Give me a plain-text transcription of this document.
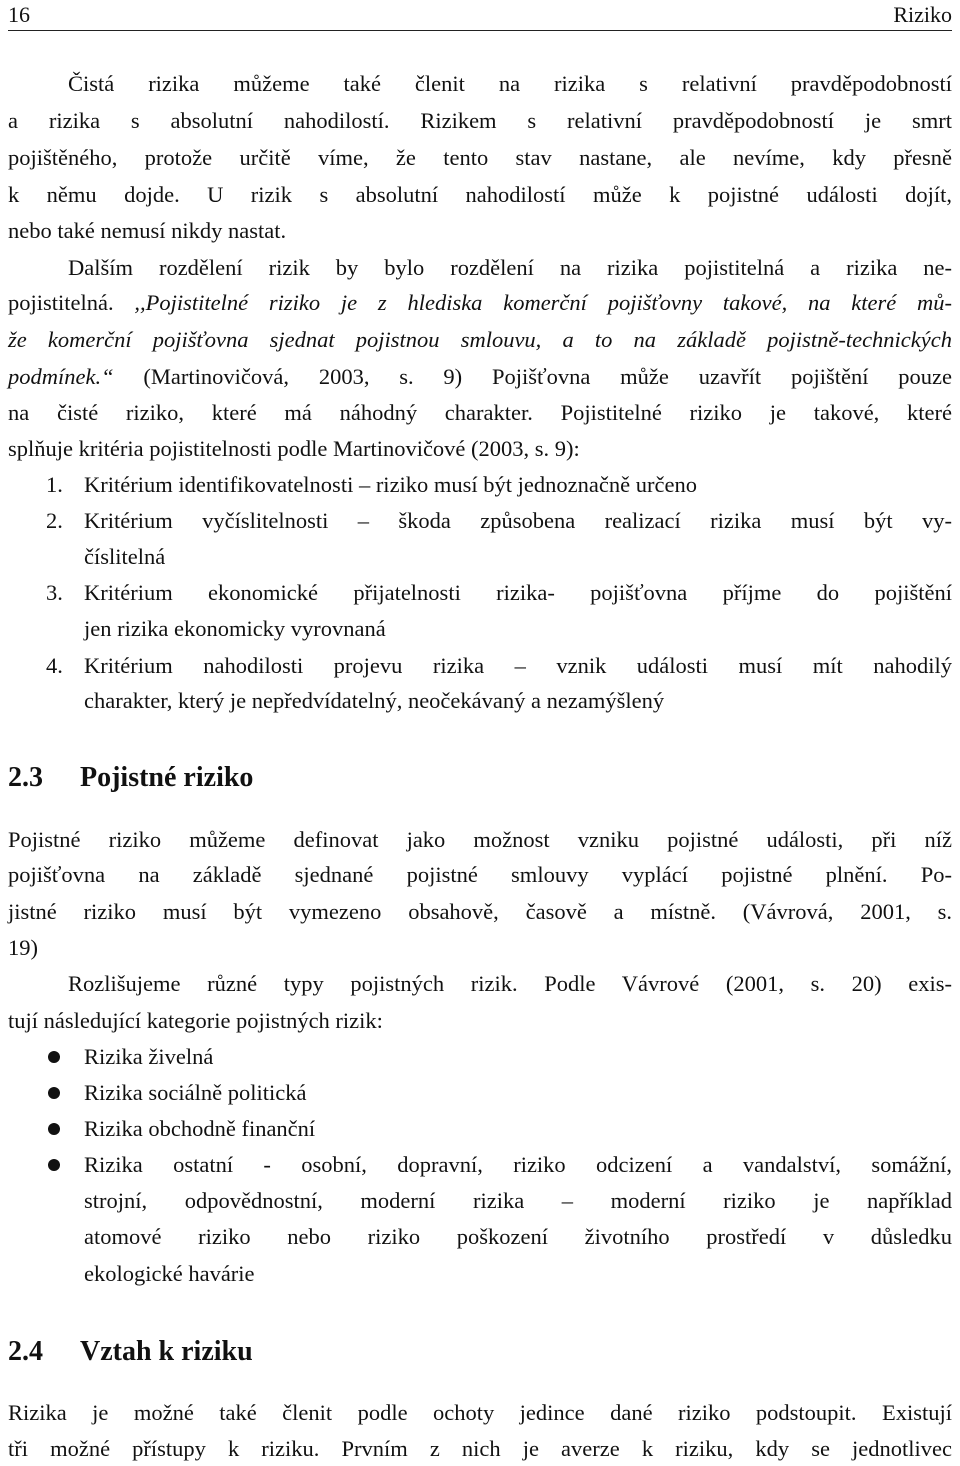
16	Riziko
Čistá rizika můžeme také členit na rizika s relativní pravděpodobností
a rizika s absolutní nahodilostí. Rizikem s relativní pravděpodobností je smrt
pojištěného, protože určitě víme, že tento stav nastane, ale nevíme, kdy přesně
k němu dojde. U rizik s absolutní nahodilostí může k pojistné události dojít,
nebo také nemusí nikdy nastat.
Dalším rozdělení rizik by bylo rozdělení na rizika pojistitelná a rizika ne-
pojistitelná. ,,Pojistitelné riziko je z hlediska komerční pojišťovny takové, na které mů-
že komerční pojišťovna sjednat pojistnou smlouvu, a to na základě pojistně-technických
podmínek.“ (Martinovičová, 2003, s. 9) Pojišťovna může uzavřít pojištění pouze
na čisté riziko, které má náhodný charakter. Pojistitelné riziko je takové, které
splňuje kritéria pojistitelnosti podle Martinovičové (2003, s. 9):
1. Kritérium identifikovatelnosti – riziko musí být jednoznačně určeno
2. Kritérium vyčíslitelnosti – škoda způsobena realizací rizika musí být vy-
číslitelná
3. Kritérium ekonomické přijatelnosti rizika- pojišťovna příjme do pojištění
jen rizika ekonomicky vyrovnaná
4. Kritérium nahodilosti projevu rizika – vznik události musí mít nahodilý
charakter, který je nepředvídatelný, neočekávaný a nezamýšlený
2.3 Pojistné riziko
Pojistné riziko můžeme definovat jako možnost vzniku pojistné události, při níž
pojišťovna na základě sjednané pojistné smlouvy vyplácí pojistné plnění. Po-
jistné riziko musí být vymezeno obsahově, časově a místně. (Vávrová, 2001, s.
19)
Rozlišujeme různé typy pojistných rizik. Podle Vávrové (2001, s. 20) exis-
tují následující kategorie pojistných rizik:
Rizika živelná
Rizika sociálně politická
Rizika obchodně finanční
Rizika ostatní - osobní, dopravní, riziko odcizení a vandalství, somážní,
strojní, odpovědnostní, moderní rizika – moderní riziko je například
atomové riziko nebo riziko poškození životního prostředí v důsledku
ekologické havárie
2.4 Vztah k riziku
Rizika je možné také členit podle ochoty jedince dané riziko podstoupit. Existují
tři možné přístupy k riziku. Prvním z nich je averze k riziku, kdy se jednotlivec
